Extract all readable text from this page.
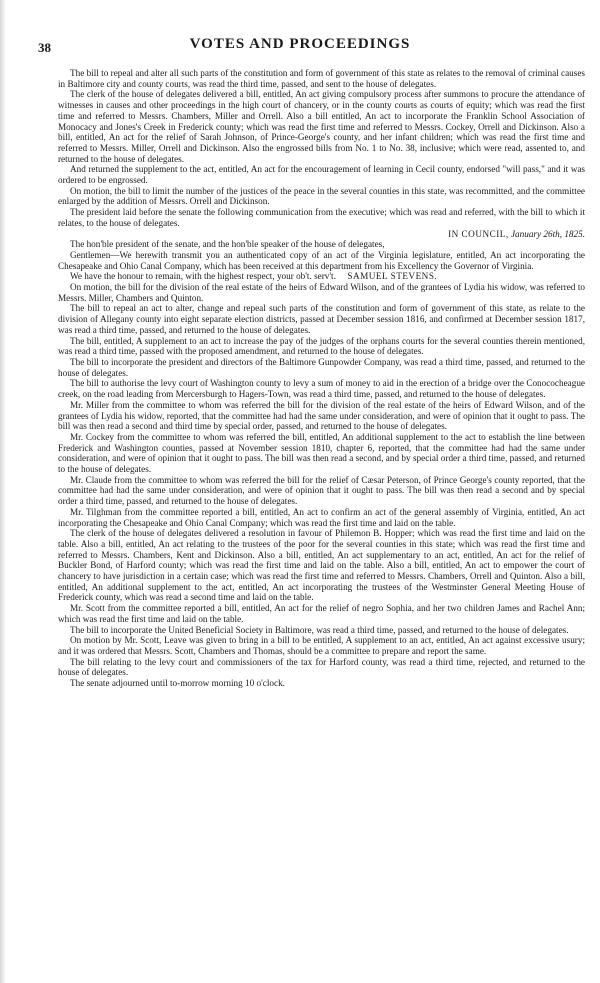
38	VOTES AND PROCEEDINGS

The bill to repeal and alter all such parts of the constitution and form of government of this state as relates to the removal of criminal causes in Baltimore city and county courts, was read the third time, passed, and sent to the house of delegates.

The clerk of the house of delegates delivered a bill, entitled, An act giving compulsory process after summons to procure the attendance of witnesses in causes and other proceedings in the high court of chancery, or in the county courts as courts of equity; which was read the first time and referred to Messrs. Chambers, Miller and Orrell. Also a bill entitled, An act to incorporate the Franklin School Association of Monocacy and Jones's Creek in Frederick county; which was read the first time and referred to Messrs. Cockey, Orrell and Dickinson. Also a bill, entitled, An act for the relief of Sarah Johnson, of Prince-George's county, and her infant children; which was read the first time and referred to Messrs. Miller, Orrell and Dickinson. Also the engrossed bills from No. 1 to No. 38, inclusive; which were read, assented to, and returned to the house of delegates.

And returned the supplement to the act, entitled, An act for the encouragement of learning in Cecil county, endorsed "will pass," and it was ordered to be engrossed.

On motion, the bill to limit the number of the justices of the peace in the several counties in this state, was recommitted, and the committee enlarged by the addition of Messrs. Orrell and Dickinson.

The president laid before the senate the following communication from the executive; which was read and referred, with the bill to which it relates, to the house of delegates.

IN COUNCIL, January 26th, 1825.

The hon'ble president of the senate, and the hon'ble speaker of the house of delegates,

Gentlemen—We herewith transmit you an authenticated copy of an act of the Virginia legislature, entitled, An act incorporating the Chesapeake and Ohio Canal Company, which has been received at this department from his Excellency the Governor of Virginia.

We have the honour to remain, with the highest respect, your ob't. serv't. SAMUEL STEVENS.

On motion, the bill for the division of the real estate of the heirs of Edward Wilson, and of the grantees of Lydia his widow, was referred to Messrs. Miller, Chambers and Quinton.

The bill to repeal an act to alter, change and repeal such parts of the constitution and form of government of this state, as relate to the division of Allegany county into eight separate election districts, passed at December session 1816, and confirmed at December session 1817, was read a third time, passed, and returned to the house of delegates.

The bill, entitled, A supplement to an act to increase the pay of the judges of the orphans courts for the several counties therein mentioned, was read a third time, passed with the proposed amendment, and returned to the house of delegates.

The bill to incorporate the president and directors of the Baltimore Gunpowder Company, was read a third time, passed, and returned to the house of delegates.

The bill to authorise the levy court of Washington county to levy a sum of money to aid in the erection of a bridge over the Conococheague creek, on the road leading from Mercersburgh to Hagers-Town, was read a third time, passed, and returned to the house of delegates.

Mr. Miller from the committee to whom was referred the bill for the division of the real estate of the heirs of Edward Wilson, and of the grantees of Lydia his widow, reported, that the committee had had the same under consideration, and were of opinion that it ought to pass. The bill was then read a second and third time by special order, passed, and returned to the house of delegates.

Mr. Cockey from the committee to whom was referred the bill, entitled, An additional supplement to the act to establish the line between Frederick and Washington counties, passed at November session 1810, chapter 6, reported, that the committee had had the same under consideration, and were of opinion that it ought to pass. The bill was then read a second, and by special order a third time, passed, and returned to the house of delegates.

Mr. Claude from the committee to whom was referred the bill for the relief of Cæsar Peterson, of Prince George's county reported, that the committee had had the same under consideration, and were of opinion that it ought to pass. The bill was then read a second and by special order a third time, passed, and returned to the house of delegates.

Mr. Tilghman from the committee reported a bill, entitled, An act to confirm an act of the general assembly of Virginia, entitled, An act incorporating the Chesapeake and Ohio Canal Company; which was read the first time and laid on the table.

The clerk of the house of delegates delivered a resolution in favour of Philemon B. Hopper; which was read the first time and laid on the table. Also a bill, entitled, An act relating to the trustees of the poor for the several counties in this state; which was read the first time and referred to Messrs. Chambers, Kent and Dickinson. Also a bill, entitled, An act supplementary to an act, entitled, An act for the relief of Buckler Bond, of Harford county; which was read the first time and laid on the table. Also a bill, entitled, An act to empower the court of chancery to have jurisdiction in a certain case; which was read the first time and referred to Messrs. Chambers, Orrell and Quinton. Also a bill, entitled, An additional supplement to the act, entitled, An act incorporating the trustees of the Westminster General Meeting House of Frederick county, which was read a second time and laid on the table.

Mr. Scott from the committee reported a bill, entitled, An act for the relief of negro Sophia, and her two children James and Rachel Ann; which was read the first time and laid on the table.

The bill to incorporate the United Beneficial Society in Baltimore, was read a third time, passed, and returned to the house of delegates.

On motion by Mr. Scott, Leave was given to bring in a bill to be entitled, A supplement to an act, entitled, An act against excessive usury; and it was ordered that Messrs. Scott, Chambers and Thomas, should be a committee to prepare and report the same.

The bill relating to the levy court and commissioners of the tax for Harford county, was read a third time, rejected, and returned to the house of delegates.

The senate adjourned until to-morrow morning 10 o'clock.
